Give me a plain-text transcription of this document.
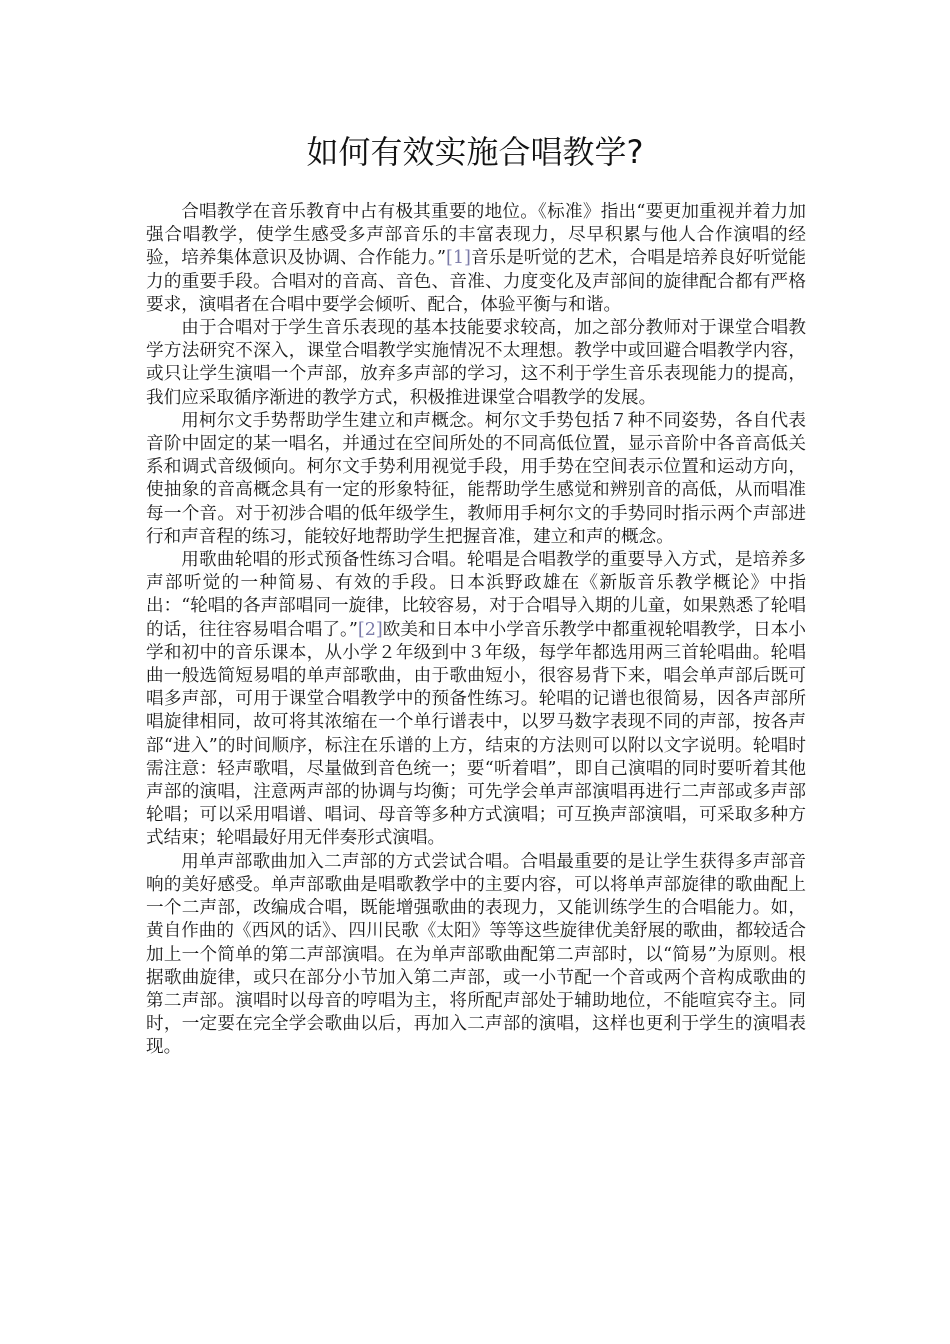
如何有效实施合唱教学?

合唱教学在音乐教育中占有极其重要的地位。《标准》指出“要更加重视并着力加强合唱教学，使学生感受多声部音乐的丰富表现力，尽早积累与他人合作演唱的经验，培养集体意识及协调、合作能力。”[1]音乐是听觉的艺术，合唱是培养良好听觉能力的重要手段。合唱对的音高、音色、音准、力度变化及声部间的旋律配合都有严格要求，演唱者在合唱中要学会倾听、配合，体验平衡与和谐。

由于合唱对于学生音乐表现的基本技能要求较高，加之部分教师对于课堂合唱教学方法研究不深入，课堂合唱教学实施情况不太理想。教学中或回避合唱教学内容，或只让学生演唱一个声部，放弃多声部的学习，这不利于学生音乐表现能力的提高，我们应采取循序渐进的教学方式，积极推进课堂合唱教学的发展。

用柯尔文手势帮助学生建立和声概念。柯尔文手势包括７种不同姿势，各自代表音阶中固定的某一唱名，并通过在空间所处的不同高低位置，显示音阶中各音高低关系和调式音级倾向。柯尔文手势利用视觉手段，用手势在空间表示位置和运动方向，使抽象的音高概念具有一定的形象特征，能帮助学生感觉和辨别音的高低，从而唱准每一个音。对于初涉合唱的低年级学生，教师用手柯尔文的手势同时指示两个声部进行和声音程的练习，能较好地帮助学生把握音准，建立和声的概念。

用歌曲轮唱的形式预备性练习合唱。轮唱是合唱教学的重要导入方式，是培养多声部听觉的一种简易、有效的手段。日本浜野政雄在《新版音乐教学概论》中指出：“轮唱的各声部唱同一旋律，比较容易，对于合唱导入期的儿童，如果熟悉了轮唱的话，往往容易唱合唱了。”[2]欧美和日本中小学音乐教学中都重视轮唱教学，日本小学和初中的音乐课本，从小学２年级到中３年级，每学年都选用两三首轮唱曲。轮唱曲一般选简短易唱的单声部歌曲，由于歌曲短小，很容易背下来，唱会单声部后既可唱多声部，可用于课堂合唱教学中的预备性练习。轮唱的记谱也很简易，因各声部所唱旋律相同，故可将其浓缩在一个单行谱表中，以罗马数字表现不同的声部，按各声部“进入”的时间顺序，标注在乐谱的上方，结束的方法则可以附以文字说明。轮唱时需注意：轻声歌唱，尽量做到音色统一；要“听着唱”，即自己演唱的同时要听着其他声部的演唱，注意两声部的协调与均衡；可先学会单声部演唱再进行二声部或多声部轮唱；可以采用唱谱、唱词、母音等多种方式演唱；可互换声部演唱，可采取多种方式结束；轮唱最好用无伴奏形式演唱。

用单声部歌曲加入二声部的方式尝试合唱。合唱最重要的是让学生获得多声部音响的美好感受。单声部歌曲是唱歌教学中的主要内容，可以将单声部旋律的歌曲配上一个二声部，改编成合唱，既能增强歌曲的表现力，又能训练学生的合唱能力。如，黄自作曲的《西风的话》、四川民歌《太阳》等等这些旋律优美舒展的歌曲，都较适合加上一个简单的第二声部演唱。在为单声部歌曲配第二声部时，以“简易”为原则。根据歌曲旋律，或只在部分小节加入第二声部，或一小节配一个音或两个音构成歌曲的第二声部。演唱时以母音的哼唱为主，将所配声部处于辅助地位，不能喧宾夺主。同时，一定要在完全学会歌曲以后，再加入二声部的演唱，这样也更利于学生的演唱表现。
